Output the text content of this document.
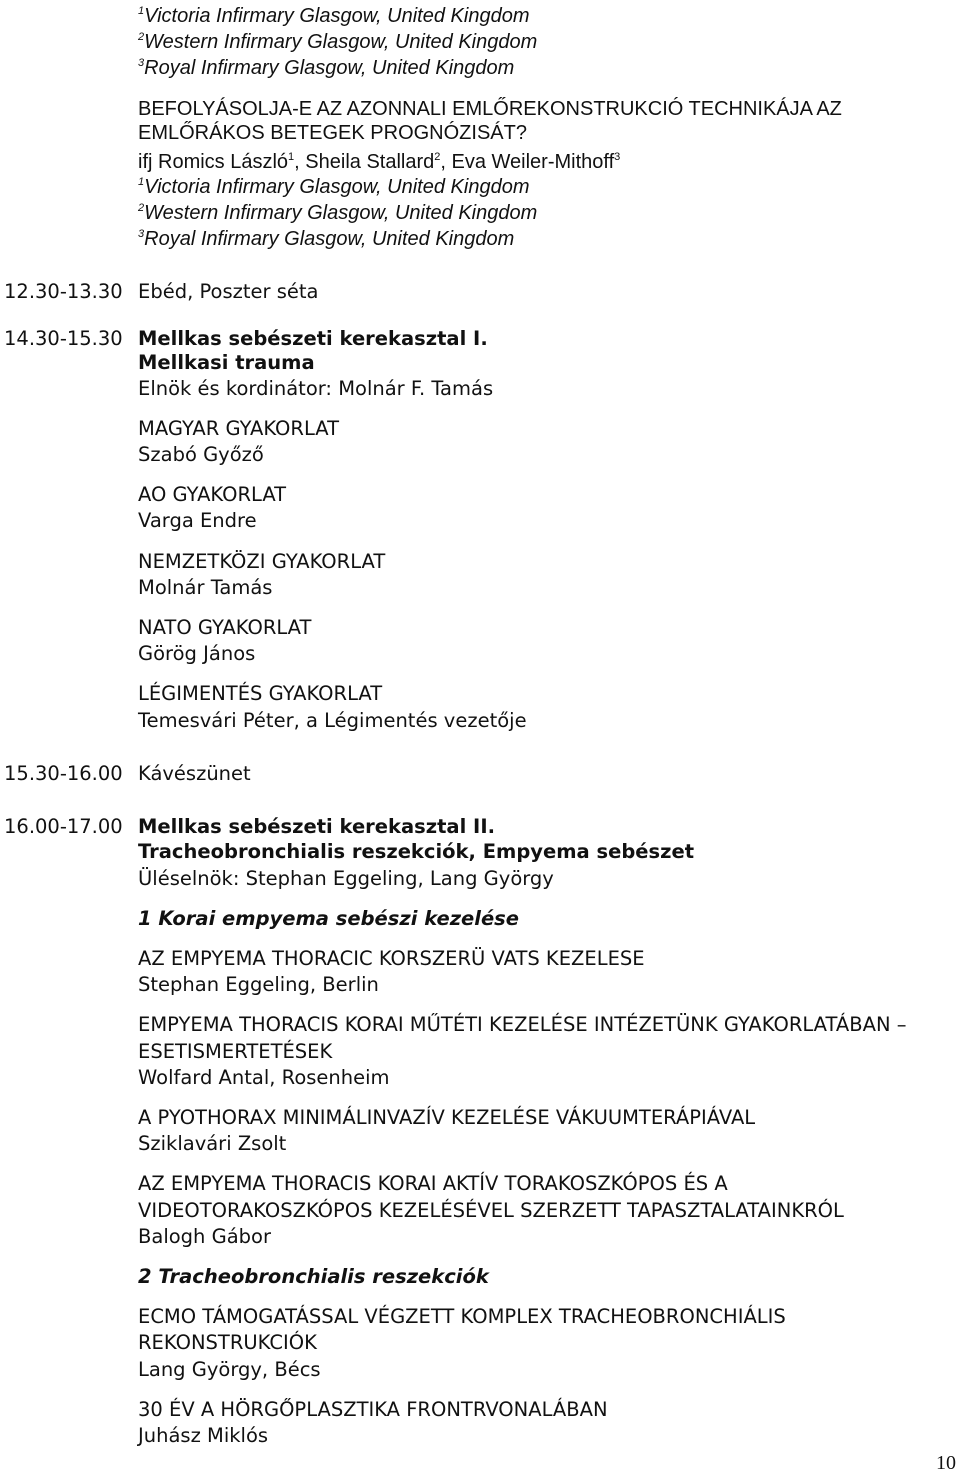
$^1$Victoria Infirmary Glasgow, United Kingdom
$^2$Western Infirmary Glasgow, United Kingdom
$^3$Royal Infirmary Glasgow, United Kingdom
BEFOLYÁSOLJA-E AZ AZONNALI EMLŐREKONSTRUKCIÓ TECHNIKÁJA AZ
EMLŐRÁKOS BETEGEK PROGNÓZISÁT?
ifj Romics László$^1$, Sheila Stallard$^2$, Eva Weiler-Mithoff$^3$
$^1$Victoria Infirmary Glasgow, United Kingdom
$^2$Western Infirmary Glasgow, United Kingdom
$^3$Royal Infirmary Glasgow, United Kingdom
12.30-13.30 Ebéd, Poszter séta
14.30-15.30 Mellkas sebészeti kerekasztal I.
Mellkasi trauma
Elnök és kordinátor: Molnár F. Tamás
MAGYAR GYAKORLAT
Szabó Győző
AO GYAKORLAT
Varga Endre
NEMZETKÖZI GYAKORLAT
Molnár Tamás
NATO GYAKORLAT
Görög János
LÉGIMENTÉS GYAKORLAT
Temesvári Péter, a Légimentés vezetője
15.30-16.00 Kávészünet
16.00-17.00 Mellkas sebészeti kerekasztal II.
Tracheobronchialis reszekciók, Empyema sebészet
Üléselnök: Stephan Eggeling, Lang György
1 Korai empyema sebészi kezelése
AZ EMPYEMA THORACIC KORSZERÜ VATS KEZELESE
Stephan Eggeling, Berlin
EMPYEMA THORACIS KORAI MŰTÉTI KEZELÉSE INTÉZETÜNK GYAKORLATÁBAN –
ESETISMERTETÉSEK
Wolfard Antal, Rosenheim
A PYOTHORAX MINIMÁLINVAZÍV KEZELÉSE VÁKUUMTERÁPIÁVAL
Sziklavári Zsolt
AZ EMPYEMA THORACIS KORAI AKTÍV TORAKOSZKÓPOS ÉS A
VIDEOTORAKOSZKÓPOS KEZELÉSÉVEL SZERZETT TAPASZTALATAINKRÓL
Balogh Gábor
2 Tracheobronchialis reszekciók
ECMO TÁMOGATÁSSAL VÉGZETT KOMPLEX TRACHEOBRONCHIÁLIS
REKONSTRUKCIÓK
Lang György, Bécs
30 ÉV A HÖRGŐPLASZTIKA FRONTRVONALÁBAN
Juhász Miklós
10
